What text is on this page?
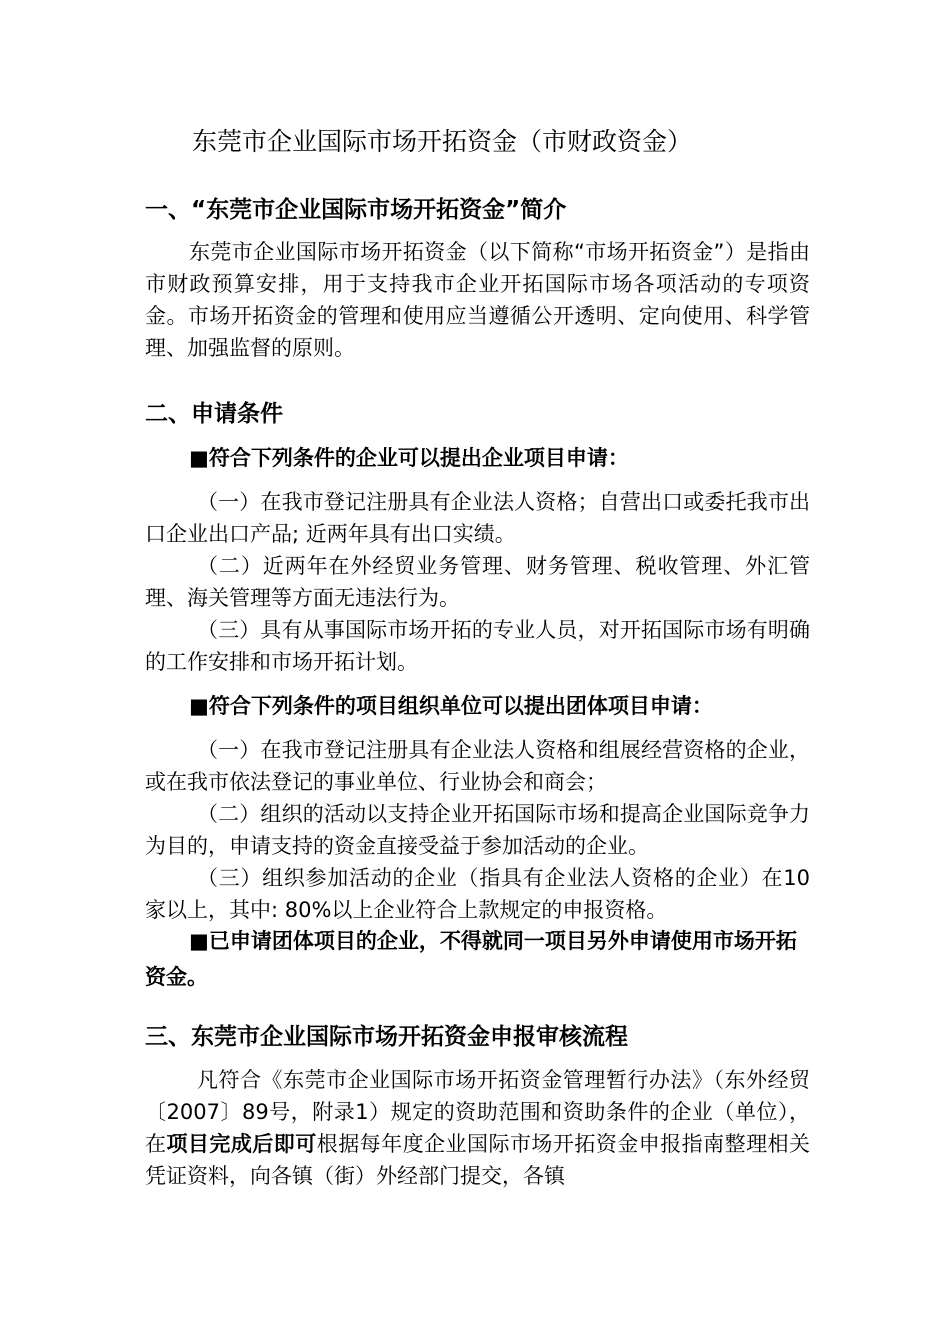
东莞市企业国际市场开拓资金（市财政资金）
一、“东莞市企业国际市场开拓资金”简介
东莞市企业国际市场开拓资金（以下简称“市场开拓资金”）是指由市财政预算安排，用于支持我市企业开拓国际市场各项活动的专项资金。市场开拓资金的管理和使用应当遵循公开透明、定向使用、科学管理、加强监督的原则。
二、申请条件
■符合下列条件的企业可以提出企业项目申请：
（一）在我市登记注册具有企业法人资格；自营出口或委托我市出口企业出口产品; 近两年具有出口实绩。
（二）近两年在外经贸业务管理、财务管理、税收管理、外汇管理、海关管理等方面无违法行为。
（三）具有从事国际市场开拓的专业人员，对开拓国际市场有明确的工作安排和市场开拓计划。
■符合下列条件的项目组织单位可以提出团体项目申请：
（一）在我市登记注册具有企业法人资格和组展经营资格的企业，或在我市依法登记的事业单位、行业协会和商会；
（二）组织的活动以支持企业开拓国际市场和提高企业国际竞争力为目的，申请支持的资金直接受益于参加活动的企业。
（三）组织参加活动的企业（指具有企业法人资格的企业）在10家以上，其中: 80%以上企业符合上款规定的申报资格。
■已申请团体项目的企业，不得就同一项目另外申请使用市场开拓资金。
三、东莞市企业国际市场开拓资金申报审核流程
凡符合《东莞市企业国际市场开拓资金管理暂行办法》（东外经贸〔2007〕89号，附录1）规定的资助范围和资助条件的企业（单位），在项目完成后即可根据每年度企业国际市场开拓资金申报指南整理相关凭证资料，向各镇（街）外经部门提交，各镇
